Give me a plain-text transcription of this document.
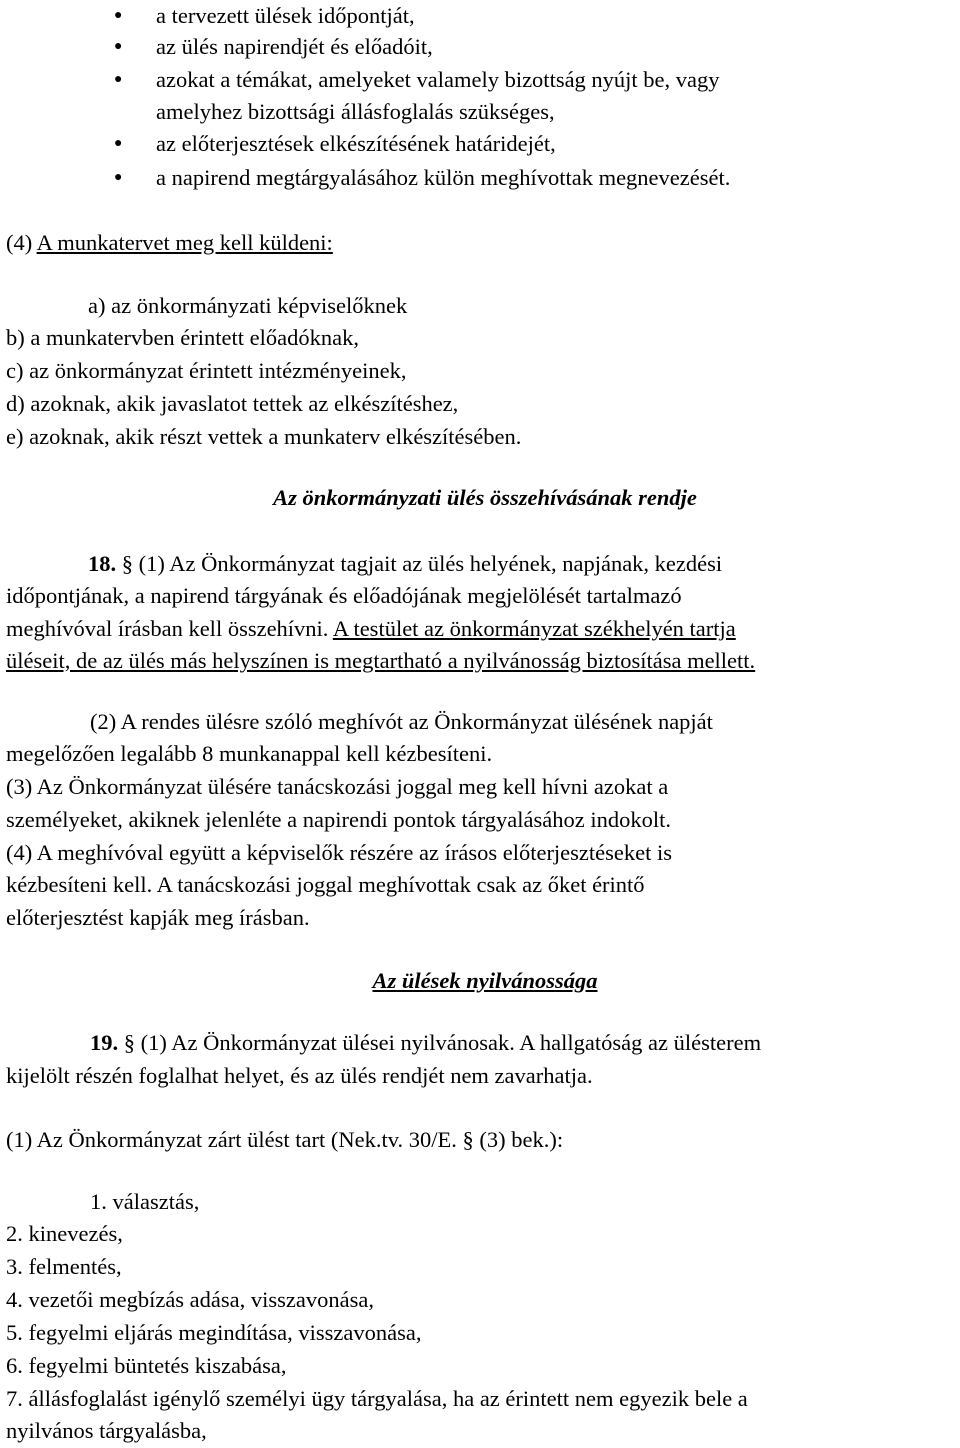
● a tervezett ülések időpontját,

● az ülés napirendjét és előadóit,

● azokat a témákat, amelyeket valamely bizottság nyújt be, vagy

amelyhez bizottsági állásfoglalás szükséges,

● az előterjesztések elkészítésének határidejét,

● a napirend megtárgyalásához külön meghívottak megnevezését.

(4) A munkatervet meg kell küldeni:

a) az önkormányzati képviselőknek

b) a munkatervben érintett előadóknak,

c) az önkormányzat érintett intézményeinek,

d) azoknak, akik javaslatot tettek az elkészítéshez,

e) azoknak, akik részt vettek a munkaterv elkészítésében.

Az önkormányzati ülés összehívásának rendje

18. § (1) Az Önkormányzat tagjait az ülés helyének, napjának, kezdési

időpontjának, a napirend tárgyának és előadójának megjelölését tartalmazó

meghívóval írásban kell összehívni. A testület az önkormányzat székhelyén tartja

üléseit, de az ülés más helyszínen is megtartható a nyilvánosság biztosítása mellett.

(2) A rendes ülésre szóló meghívót az Önkormányzat ülésének napját

megelőzően legalább 8 munkanappal kell kézbesíteni.

(3) Az Önkormányzat ülésére tanácskozási joggal meg kell hívni azokat a

személyeket, akiknek jelenléte a napirendi pontok tárgyalásához indokolt.

(4) A meghívóval együtt a képviselők részére az írásos előterjesztéseket is

kézbesíteni kell. A tanácskozási joggal meghívottak csak az őket érintő

előterjesztést kapják meg írásban.

Az ülések nyilvánossága

19. § (1) Az Önkormányzat ülései nyilvánosak. A hallgatóság az ülésterem

kijelölt részén foglalhat helyet, és az ülés rendjét nem zavarhatja.

(1) Az Önkormányzat zárt ülést tart (Nek.tv. 30/E. § (3) bek.):

1. választás,

2. kinevezés,

3. felmentés,

4. vezetői megbízás adása, visszavonása,

5. fegyelmi eljárás megindítása, visszavonása,

6. fegyelmi büntetés kiszabása,

7. állásfoglalást igénylő személyi ügy tárgyalása, ha az érintett nem egyezik bele a

nyilvános tárgyalásba,
